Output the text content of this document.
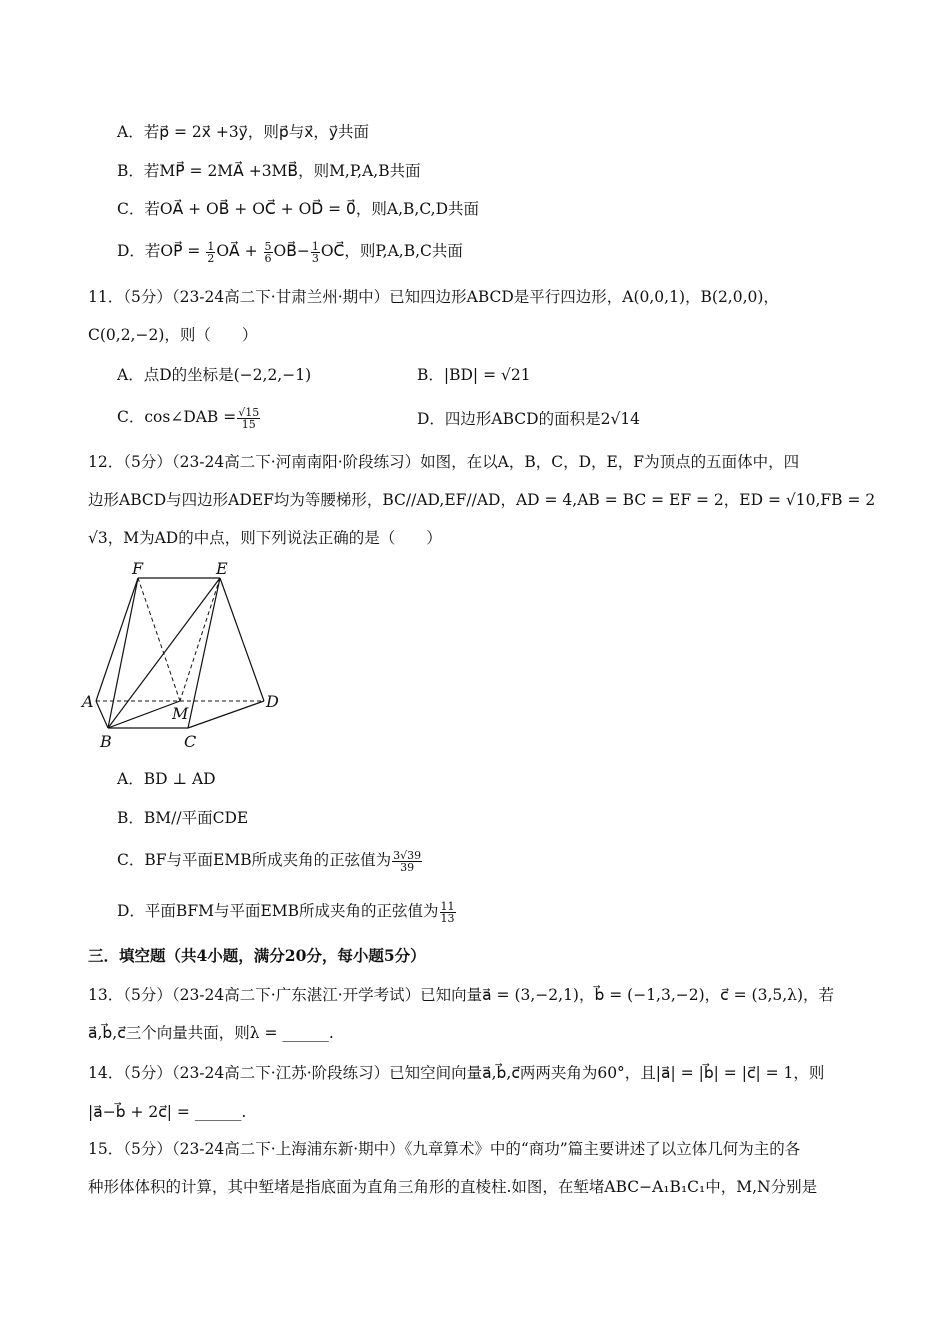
A．若p⃗ = 2x⃗ +3y⃗，则p⃗与x⃗，y⃗共面
B．若MP⃗ = 2MA⃗ +3MB⃗，则M,P,A,B共面
C．若OA⃗ + OB⃗ + OC⃗ + OD⃗ = 0⃗，则A,B,C,D共面
D．若OP⃗ = $\frac{1}{2}$ OA⃗ + $\frac{5}{6}$ OB⃗− $\frac{1}{3}$ OC⃗，则P,A,B,C共面
11．（5分）（23-24高二下·甘肃兰州·期中）已知四边形ABCD是平行四边形，A(0,0,1)，B(2,0,0)，
C(0,2,−2)，则（　　）
A．点D的坐标是(−2,2,−1)	B．|BD| = √21
C．cos∠DAB = $\frac{√15}{15}$	D．四边形ABCD的面积是2√14
12．（5分）（23-24高二下·河南南阳·阶段练习）如图，在以A，B，C，D，E，F为顶点的五面体中，四
边形ABCD与四边形ADEF均为等腰梯形，BC//AD,EF//AD，AD = 4,AB = BC = EF = 2，ED = √10,FB = 2
√3，M为AD的中点，则下列说法正确的是（　　）
F	E
A
M
D
B	C
A．BD ⊥ AD
B．BM//平面CDE
C．BF与平面EMB所成夹角的正弦值为 $\frac{3√39}{39}$
D．平面BFM与平面EMB所成夹角的正弦值为 $\frac{11}{13}$
三．填空题（共4小题，满分20分，每小题5分）
13．（5分）（23-24高二下·广东湛江·开学考试）已知向量a⃗ = (3,−2,1)，b⃗ = (−1,3,−2)，c⃗ = (3,5,λ)，若
a⃗,b⃗,c⃗三个向量共面，则λ = ______.
14．（5分）（23-24高二下·江苏·阶段练习）已知空间向量a⃗,b⃗,c⃗两两夹角为60°，且|a⃗| = |b⃗| = |c⃗| = 1，则
|a⃗−b⃗ + 2c⃗| = ______.
15．（5分）（23-24高二下·上海浦东新·期中）《九章算术》中的“商功”篇主要讲述了以立体几何为主的各
种形体体积的计算，其中堑堵是指底面为直角三角形的直棱柱.如图，在堑堵ABC−A₁B₁C₁中，M,N分别是
